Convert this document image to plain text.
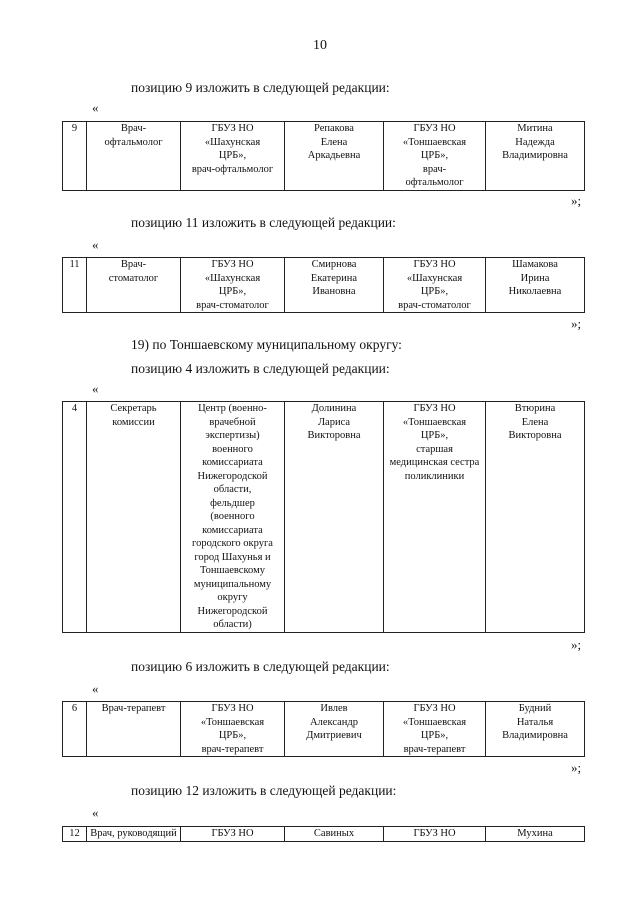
10
позицию 9 изложить в следующей редакции:
«
9	Врач-
офтальмолог	ГБУЗ НО
«Шахунская
ЦРБ»,
врач-офтальмолог	Репакова
Елена
Аркадьевна	ГБУЗ НО
«Тоншаевская
ЦРБ»,
врач-
офтальмолог	Митина
Надежда
Владимировна
»;
позицию 11 изложить в следующей редакции:
«
11	Врач-
стоматолог	ГБУЗ НО
«Шахунская
ЦРБ»,
врач-стоматолог	Смирнова
Екатерина
Ивановна	ГБУЗ НО
«Шахунская
ЦРБ»,
врач-стоматолог	Шамакова
Ирина
Николаевна
»;
19) по Тоншаевскому муниципальному округу:
позицию 4 изложить в следующей редакции:
«
4	Секретарь
комиссии	Центр (военно-
врачебной
экспертизы)
военного
комиссариата
Нижегородской
области,
фельдшер
(военного
комиссариата
городского округа
город Шахунья и
Тоншаевскому
муниципальному
округу
Нижегородской
области)	Долинина
Лариса
Викторовна	ГБУЗ НО
«Тоншаевская
ЦРБ»,
старшая
медицинская сестра
поликлиники	Втюрина
Елена
Викторовна
»;
позицию 6 изложить в следующей редакции:
«
6	Врач-терапевт	ГБУЗ НО
«Тоншаевская
ЦРБ»,
врач-терапевт	Ивлев
Александр
Дмитриевич	ГБУЗ НО
«Тоншаевская
ЦРБ»,
врач-терапевт	Будний
Наталья
Владимировна
»;
позицию 12 изложить в следующей редакции:
«
12	Врач, руководящий	ГБУЗ НО	Савиных	ГБУЗ НО	Мухина
